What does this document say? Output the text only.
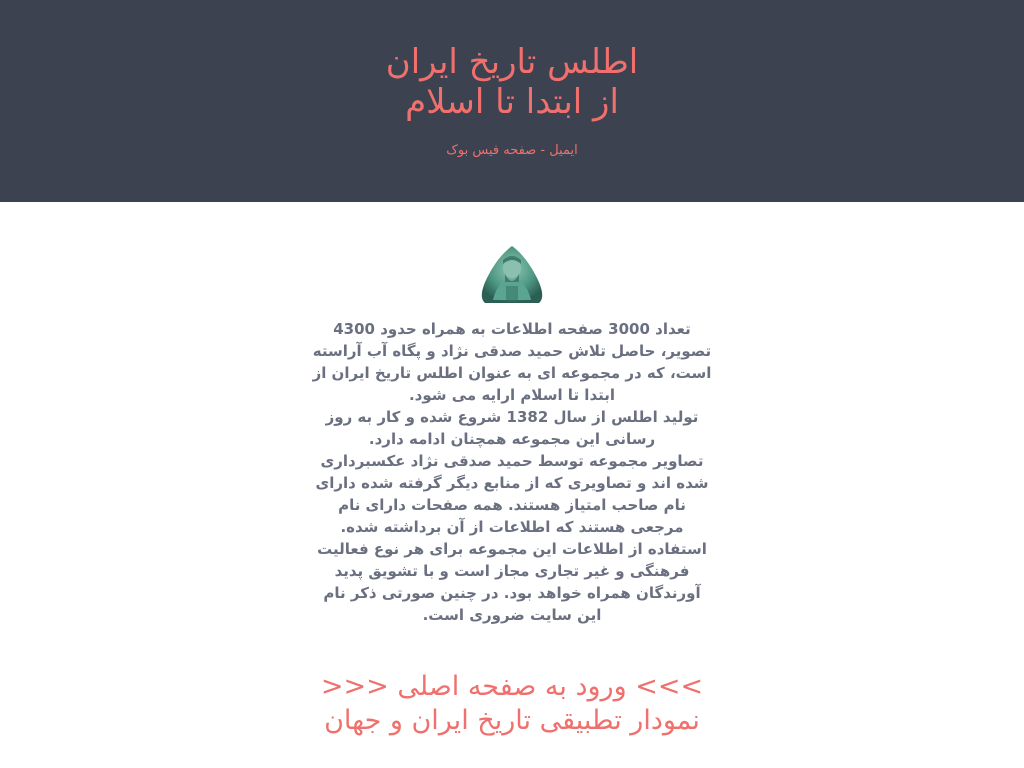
اطلس تاریخ ایران
از ابتدا تا اسلام
ایمیل - صفحه فیس بوک

تعداد 3000 صفحه اطلاعات به همراه حدود 4300 تصویر، حاصل تلاش حمید صدقی نژاد و پگاه آب آراسته است، که در مجموعه ای به عنوان اطلس تاریخ ایران از ابتدا تا اسلام ارایه می شود.

تولید اطلس از سال 1382 شروع شده و کار به روز رسانی این مجموعه همچنان ادامه دارد.

تصاویر مجموعه توسط حمید صدقی نژاد عکسبرداری شده اند و تصاویری که از منابع دیگر گرفته شده دارای نام صاحب امتیاز هستند. همه صفحات دارای نام مرجعی هستند که اطلاعات از آن برداشته شده.

استفاده از اطلاعات این مجموعه برای هر نوع فعالیت فرهنگی و غیر تجاری مجاز است و با تشویق پدید آورندگان همراه خواهد بود. در چنین صورتی ذکر نام این سایت ضروری است.

>>> ورود به صفحه اصلی <<<
نمودار تطبیقی تاریخ ایران و جهان
